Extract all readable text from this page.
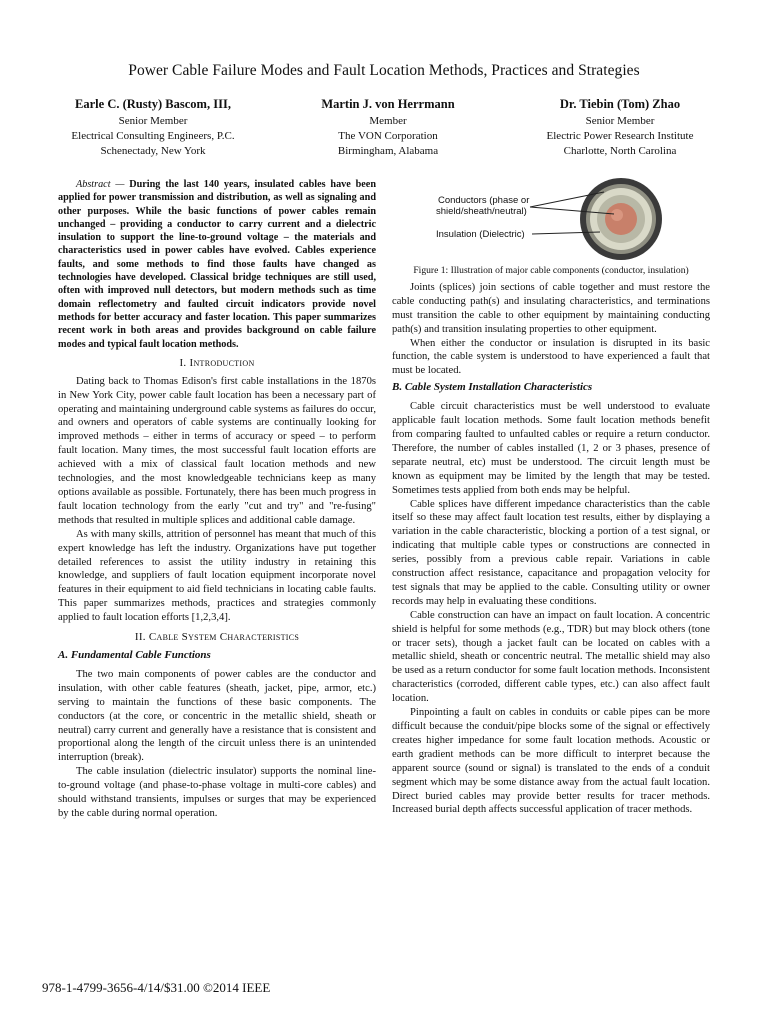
Power Cable Failure Modes and Fault Location Methods, Practices and Strategies
Earle C. (Rusty) Bascom, III,
Senior Member
Electrical Consulting Engineers, P.C.
Schenectady, New York
Martin J. von Herrmann
Member
The VON Corporation
Birmingham, Alabama
Dr. Tiebin (Tom) Zhao
Senior Member
Electric Power Research Institute
Charlotte, North Carolina

Abstract — During the last 140 years, insulated cables have been applied for power transmission and distribution, as well as signaling and other purposes. While the basic functions of power cables remain unchanged – providing a conductor to carry current and a dielectric insulation to support the line-to-ground voltage – the materials and characteristics used in power cables have evolved. Cables experience faults, and some methods to find those faults have changed as technologies have developed. Classical bridge techniques are still used, often with improved null detectors, but modern methods such as time domain reflectometry and faulted circuit indicators provide novel methods for better accuracy and faster location. This paper summarizes recent work in both areas and provides background on cable failure modes and typical fault location methods.

I. Introduction

Dating back to Thomas Edison's first cable installations in the 1870s in New York City, power cable fault location has been a necessary part of operating and maintaining underground cable systems as failures do occur, and owners and operators of cable systems are continually looking for improved methods – either in terms of accuracy or speed – to perform fault location. Many times, the most successful fault location efforts are achieved with a mix of classical fault location methods and new technologies, and the most knowledgeable technicians keep as many options available as possible. Fortunately, there has been much progress in fault location technology from the early "cut and try" and "re-fusing" methods that resulted in multiple splices and additional cable damage.

As with many skills, attrition of personnel has meant that much of this expert knowledge has left the industry. Organizations have put together detailed references to assist the utility industry in retaining this knowledge, and suppliers of fault location equipment incorporate novel features in their equipment to aid field technicians in locating cable faults. This paper summarizes methods, practices and strategies commonly applied to fault location efforts [1,2,3,4].

II. Cable System Characteristics
A. Fundamental Cable Functions

The two main components of power cables are the conductor and insulation, with other cable features (sheath, jacket, pipe, armor, etc.) serving to maintain the functions of these basic components. The conductors (at the core, or concentric in the metallic shield, sheath or neutral) carry current and generally have a resistance that is consistent and proportional along the length of the circuit unless there is an unintended interruption (break).

The cable insulation (dielectric insulator) supports the nominal line-to-ground voltage (and phase-to-phase voltage in multi-core cables) and should withstand transients, impulses or surges that may be experienced by the cable during normal operation.

Conductors (phase or
shield/sheath/neutral)
Insulation (Dielectric)
Figure 1: Illustration of major cable components (conductor, insulation)

Joints (splices) join sections of cable together and must restore the cable conducting path(s) and insulating characteristics, and terminations must transition the cable to other equipment by maintaining conducting path(s) and transition insulating properties to other equipment.

When either the conductor or insulation is disrupted in its basic function, the cable system is understood to have experienced a fault that must be located.

B. Cable System Installation Characteristics

Cable circuit characteristics must be well understood to evaluate applicable fault location methods. Some fault location methods benefit from comparing faulted to unfaulted cables or require a return conductor. Therefore, the number of cables installed (1, 2 or 3 phases, presence of separate neutral, etc) must be understood. The circuit length must be known as equipment may be limited by the length that may be tested. Sometimes tests applied from both ends may be helpful.

Cable splices have different impedance characteristics than the cable itself so these may affect fault location test results, either by displaying a variation in the cable characteristic, blocking a portion of a test signal, or indicating that multiple cable types or constructions are connected in series, possibly from a previous cable repair. Variations in cable construction affect resistance, capacitance and propagation velocity for test signals that may be applied to the cable. Consulting utility or owner records may help in evaluating these conditions.

Cable construction can have an impact on fault location. A concentric shield is helpful for some methods (e.g., TDR) but may block others (tone or tracer sets), though a jacket fault can be located on cables with a metallic shield, sheath or concentric neutral. The metallic shield may also be used as a return conductor for some fault location methods. Inconsistent characteristics (corroded, different cable types, etc.) can also affect fault location.

Pinpointing a fault on cables in conduits or cable pipes can be more difficult because the conduit/pipe blocks some of the signal or effectively creates higher impedance for some fault location methods. Acoustic or earth gradient methods can be more difficult to interpret because the apparent source (sound or signal) is translated to the ends of a conduit segment which may be some distance away from the actual fault location. Direct buried cables may provide better results for tracer methods. Increased burial depth affects successful application of tracer methods.

978-1-4799-3656-4/14/$31.00 ©2014 IEEE
